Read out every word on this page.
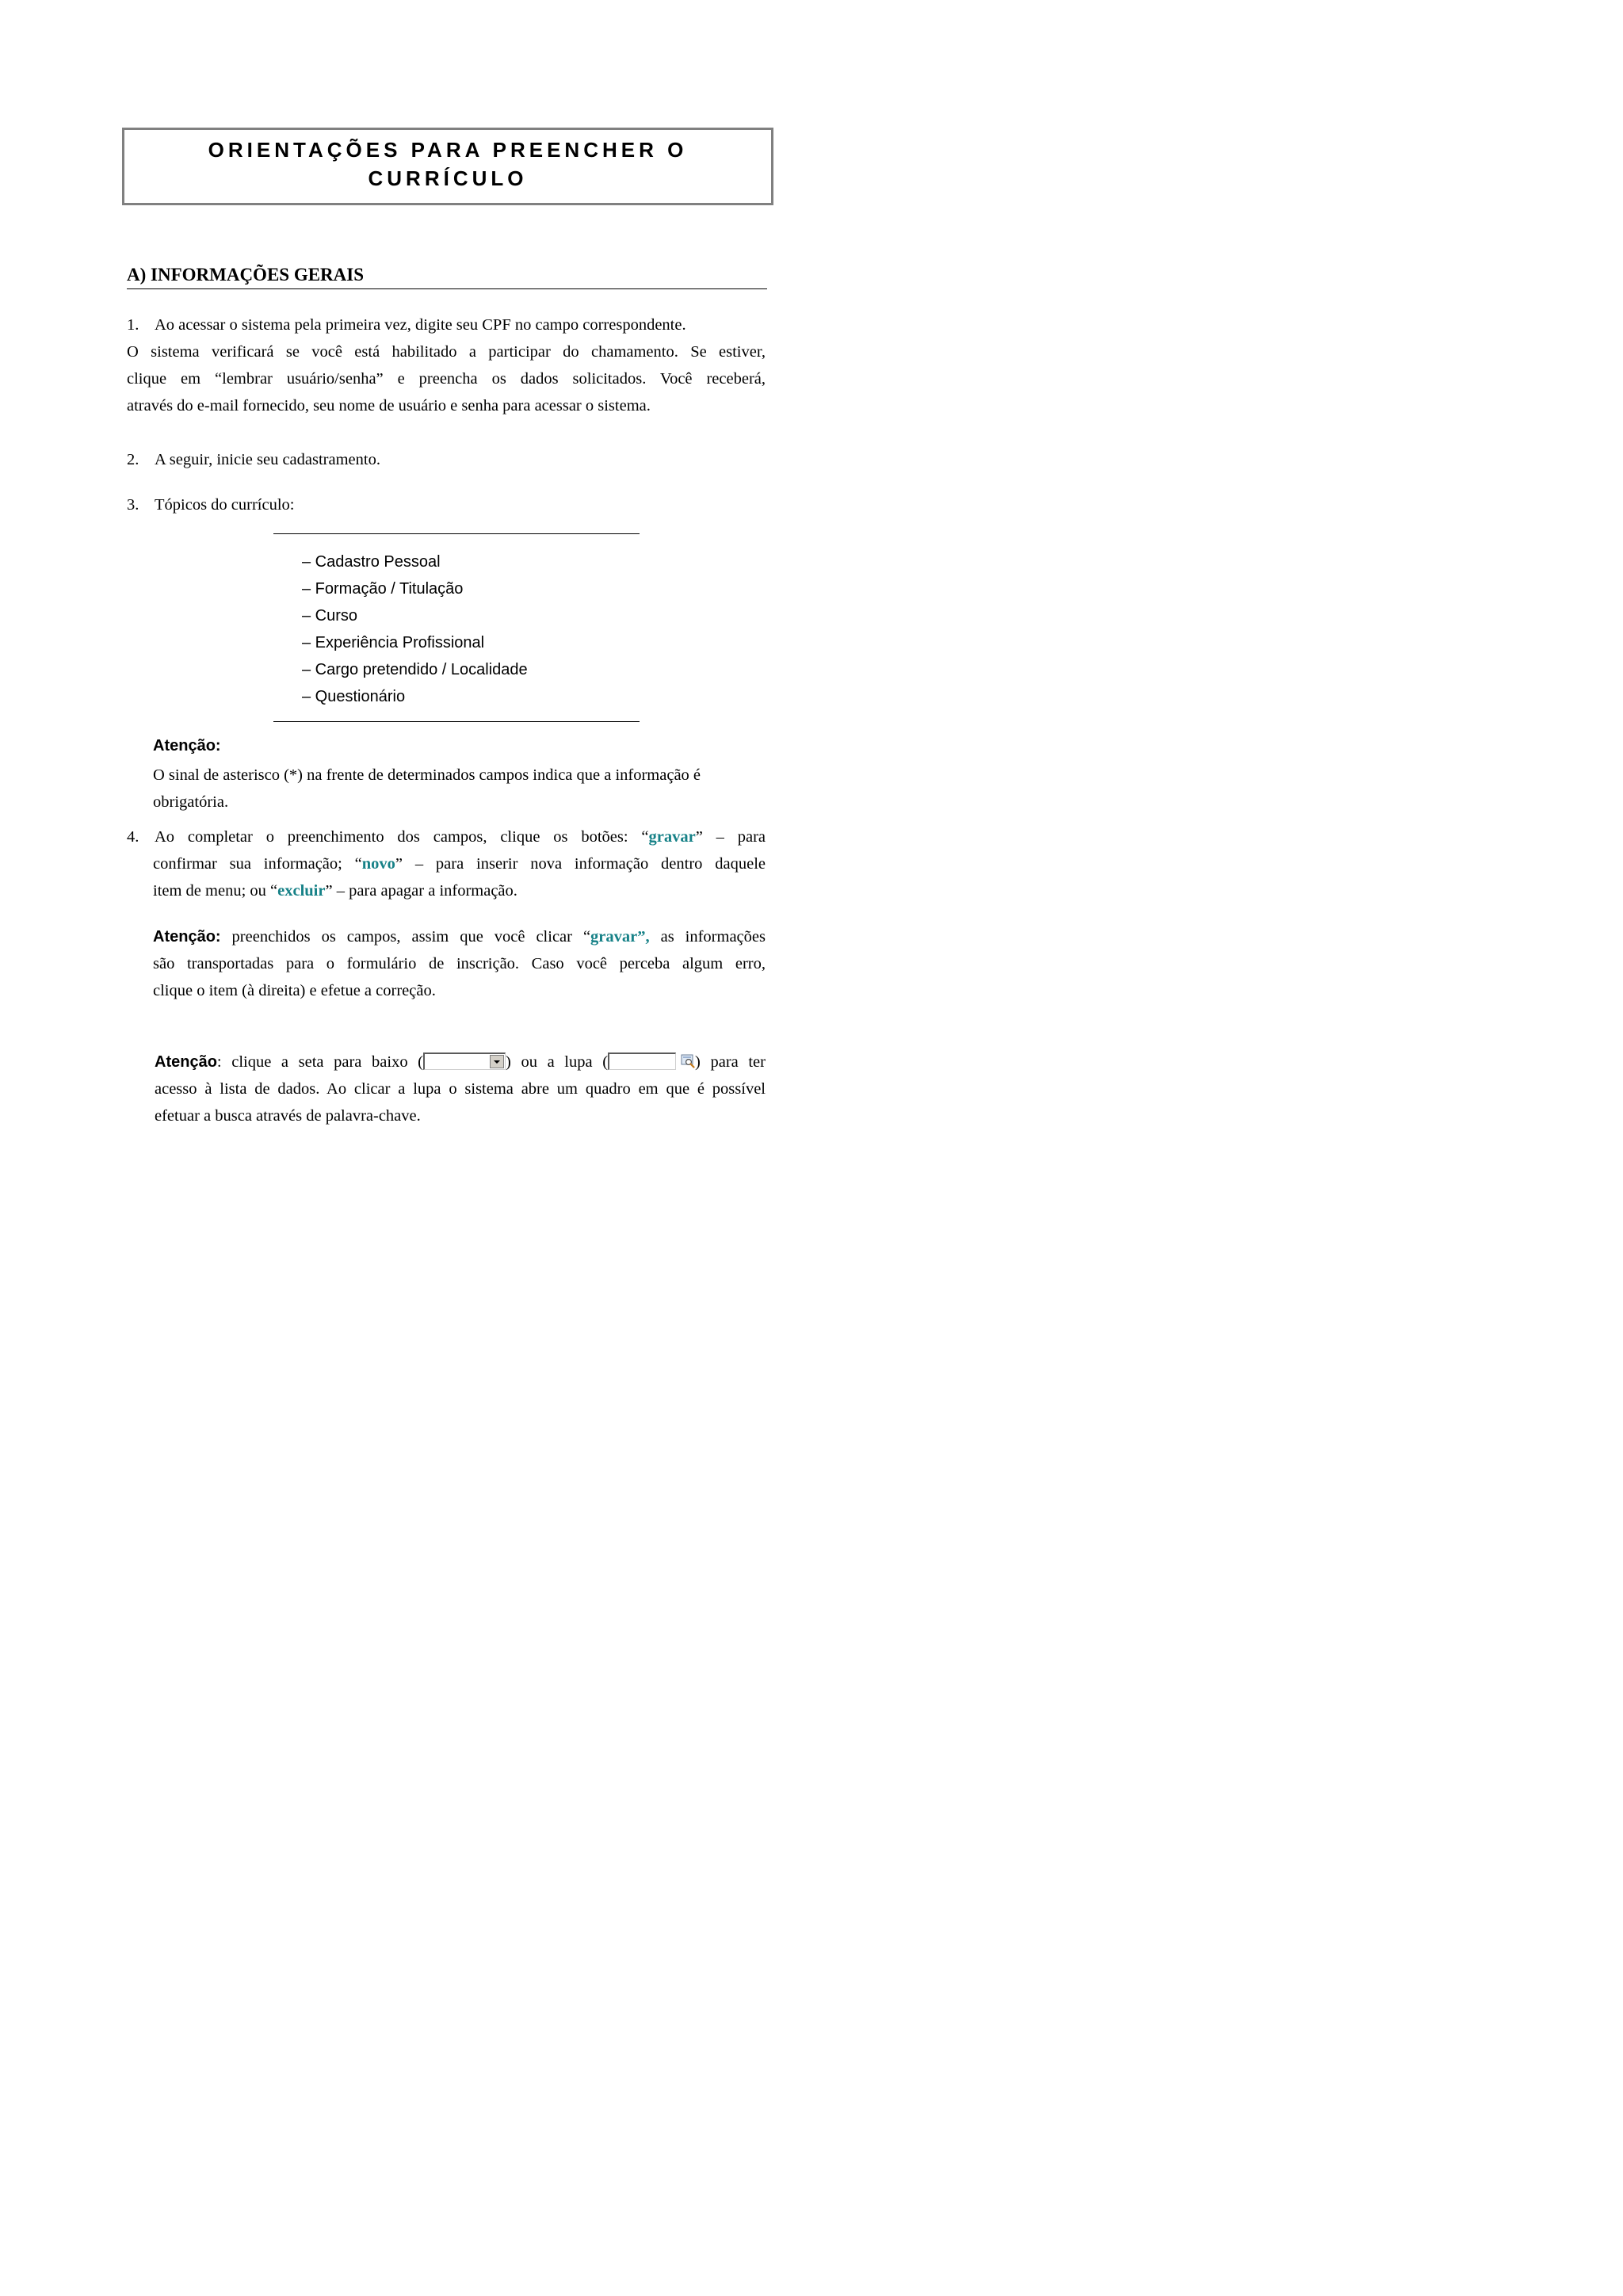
ORIENTAÇÕES PARA PREENCHER O
CURRÍCULO
A) INFORMAÇÕES GERAIS
1. Ao acessar o sistema pela primeira vez, digite seu CPF no campo correspondente.
O sistema verificará se você está habilitado a participar do chamamento. Se estiver,
clique em “lembrar usuário/senha” e preencha os dados solicitados. Você receberá,
através do e-mail fornecido, seu nome de usuário e senha para acessar o sistema.
2. A seguir, inicie seu cadastramento.
3. Tópicos do currículo:
– Cadastro Pessoal
– Formação / Titulação
– Curso
– Experiência Profissional
– Cargo pretendido / Localidade
– Questionário
Atenção:
O sinal de asterisco (*) na frente de determinados campos indica que a informação é
obrigatória.
4. Ao completar o preenchimento dos campos, clique os botões: “gravar” – para
confirmar sua informação; “novo” – para inserir nova informação dentro daquele
item de menu; ou “excluir” – para apagar a informação.
Atenção: preenchidos os campos, assim que você clicar “gravar”, as informações
são transportadas para o formulário de inscrição. Caso você perceba algum erro,
clique o item (à direita) e efetue a correção.
Atenção: clique a seta para baixo (	) ou a lupa (	) para ter
acesso à lista de dados. Ao clicar a lupa o sistema abre um quadro em que é possível
efetuar a busca através de palavra-chave.
